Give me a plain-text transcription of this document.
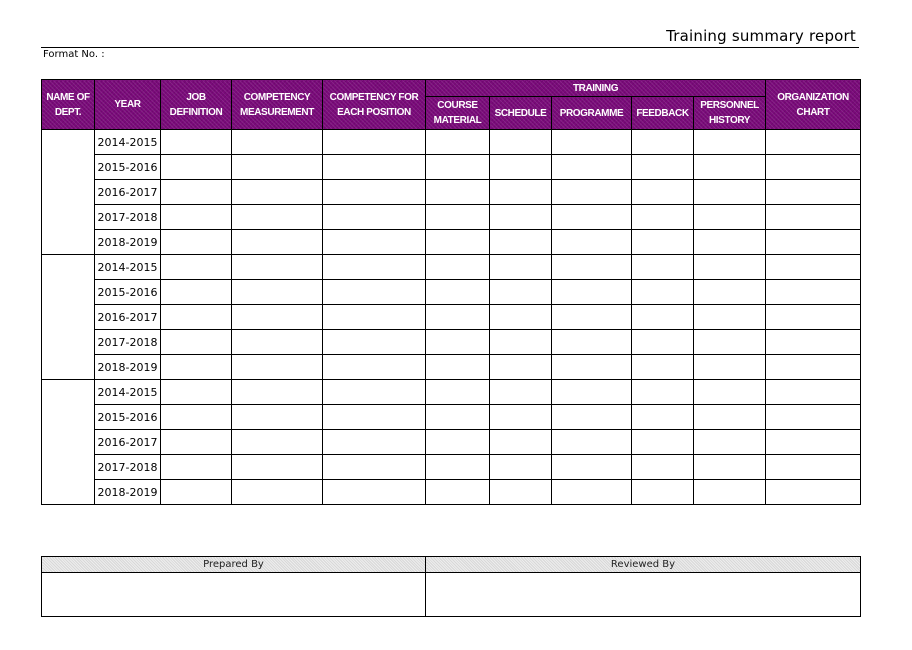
Training summary report
Format No. :
NAME OF DEPT.	YEAR	JOB DEFINITION	COMPETENCY MEASUREMENT	COMPETENCY FOR EACH POSITION	TRAINING					ORGANIZATION CHART
					COURSE MATERIAL	SCHEDULE	PROGRAMME	FEEDBACK	PERSONNEL HISTORY	
	2014-2015									
	2015-2016									
	2016-2017									
	2017-2018									
	2018-2019									
	2014-2015									
	2015-2016									
	2016-2017									
	2017-2018									
	2018-2019									
	2014-2015									
	2015-2016									
	2016-2017									
	2017-2018									
	2018-2019									
Prepared By	Reviewed By
